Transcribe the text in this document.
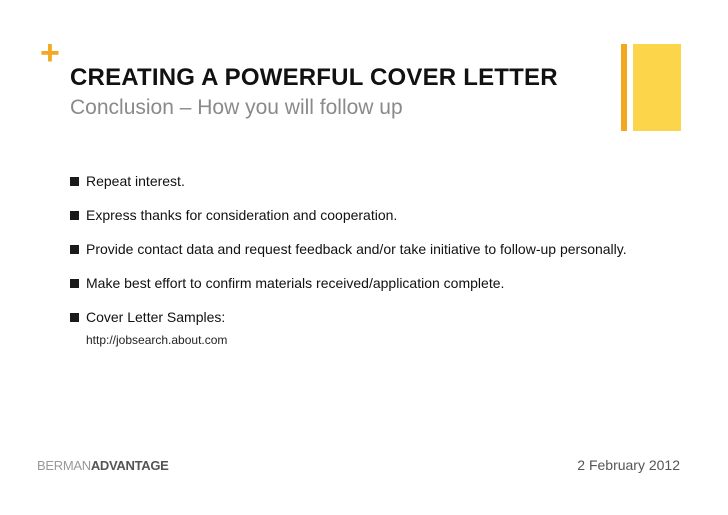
+
CREATING A POWERFUL COVER LETTER
Conclusion – How you will follow up
Repeat interest.
Express thanks for consideration and cooperation.
Provide contact data and request feedback and/or take initiative to follow-up personally.
Make best effort to confirm materials received/application complete.
Cover Letter Samples:
http://jobsearch.about.com
BERMANADVANTAGE	2 February 2012
